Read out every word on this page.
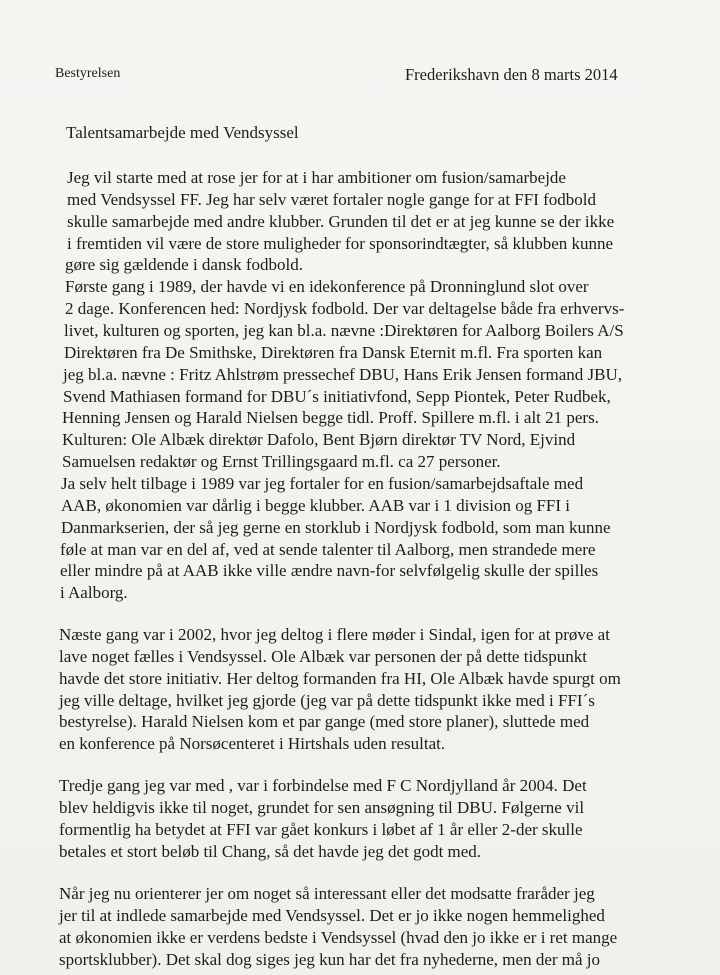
Bestyrelsen	Frederikshavn den 8 marts 2014
Talentsamarbejde med Vendsyssel
Jeg vil starte med at rose jer for at i har ambitioner om fusion/samarbejde
med Vendsyssel FF. Jeg har selv været fortaler nogle gange for at FFI fodbold
skulle samarbejde med andre klubber. Grunden til det er at jeg kunne se der ikke
i fremtiden vil være de store muligheder for sponsorindtægter, så klubben kunne
gøre sig gældende i dansk fodbold.
Første gang i 1989, der havde vi en idekonference på Dronninglund slot over
2 dage. Konferencen hed: Nordjysk fodbold. Der var deltagelse både fra erhvervs-
livet, kulturen og sporten, jeg kan bl.a. nævne :Direktøren for Aalborg Boilers A/S
Direktøren fra De Smithske, Direktøren fra Dansk Eternit m.fl. Fra sporten kan
jeg bl.a. nævne : Fritz Ahlstrøm pressechef DBU, Hans Erik Jensen formand JBU,
Svend Mathiasen formand for DBU´s initiativfond, Sepp Piontek, Peter Rudbek,
Henning Jensen og Harald Nielsen begge tidl. Proff. Spillere m.fl. i alt 21 pers.
Kulturen: Ole Albæk direktør Dafolo, Bent Bjørn direktør TV Nord, Ejvind
Samuelsen redaktør og Ernst Trillingsgaard m.fl. ca 27 personer.
Ja selv helt tilbage i 1989 var jeg fortaler for en fusion/samarbejdsaftale med
AAB, økonomien var dårlig i begge klubber. AAB var i 1 division og FFI i
Danmarkserien, der så jeg gerne en storklub i Nordjysk fodbold, som man kunne
føle at man var en del af, ved at sende talenter til Aalborg, men strandede mere
eller mindre på at AAB ikke ville ændre navn-for selvfølgelig skulle der spilles
i Aalborg.
Næste gang var i 2002, hvor jeg deltog i flere møder i Sindal, igen for at prøve at
lave noget fælles i Vendsyssel. Ole Albæk var personen der på dette tidspunkt
havde det store initiativ. Her deltog formanden fra HI, Ole Albæk havde spurgt om
jeg ville deltage, hvilket jeg gjorde (jeg var på dette tidspunkt ikke med i FFI´s
bestyrelse). Harald Nielsen kom et par gange (med store planer), sluttede med
en konference på Norsøcenteret i Hirtshals uden resultat.
Tredje gang jeg var med , var i forbindelse med F C Nordjylland år 2004. Det
blev heldigvis ikke til noget, grundet for sen ansøgning til DBU. Følgerne vil
formentlig ha betydet at FFI var gået konkurs i løbet af 1 år eller 2-der skulle
betales et stort beløb til Chang, så det havde jeg det godt med.
Når jeg nu orienterer jer om noget så interessant eller det modsatte fraråder jeg
jer til at indlede samarbejde med Vendsyssel. Det er jo ikke nogen hemmelighed
at økonomien ikke er verdens bedste i Vendsyssel (hvad den jo ikke er i ret mange
sportsklubber). Det skal dog siges jeg kun har det fra nyhederne, men der må jo
